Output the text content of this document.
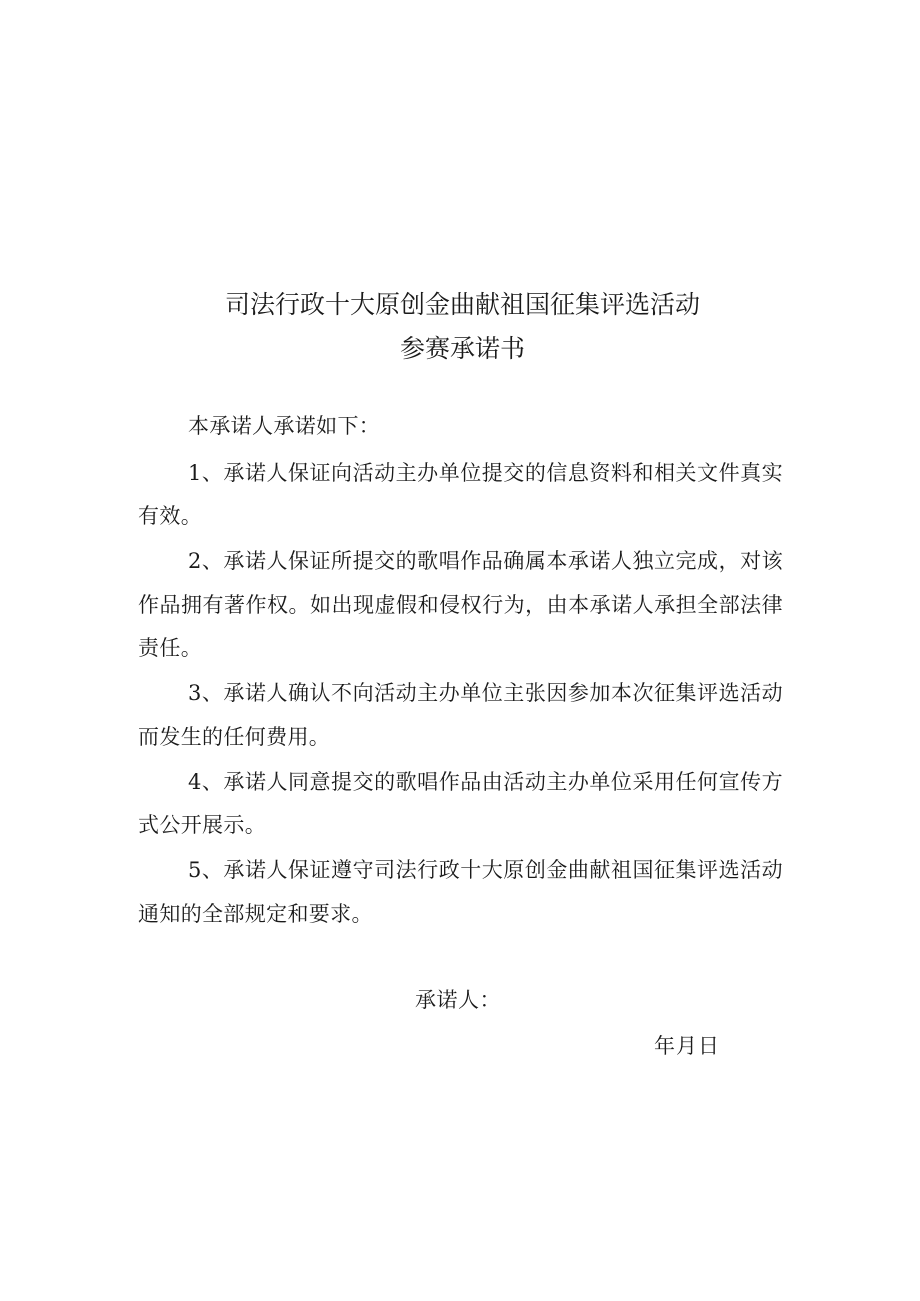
司法行政十大原创金曲献祖国征集评选活动
参赛承诺书

本承诺人承诺如下：

1、承诺人保证向活动主办单位提交的信息资料和相关文件真实有效。

2、承诺人保证所提交的歌唱作品确属本承诺人独立完成，对该作品拥有著作权。如出现虚假和侵权行为，由本承诺人承担全部法律责任。

3、承诺人确认不向活动主办单位主张因参加本次征集评选活动而发生的任何费用。

4、承诺人同意提交的歌唱作品由活动主办单位采用任何宣传方式公开展示。

5、承诺人保证遵守司法行政十大原创金曲献祖国征集评选活动通知的全部规定和要求。

承诺人：
年月日
